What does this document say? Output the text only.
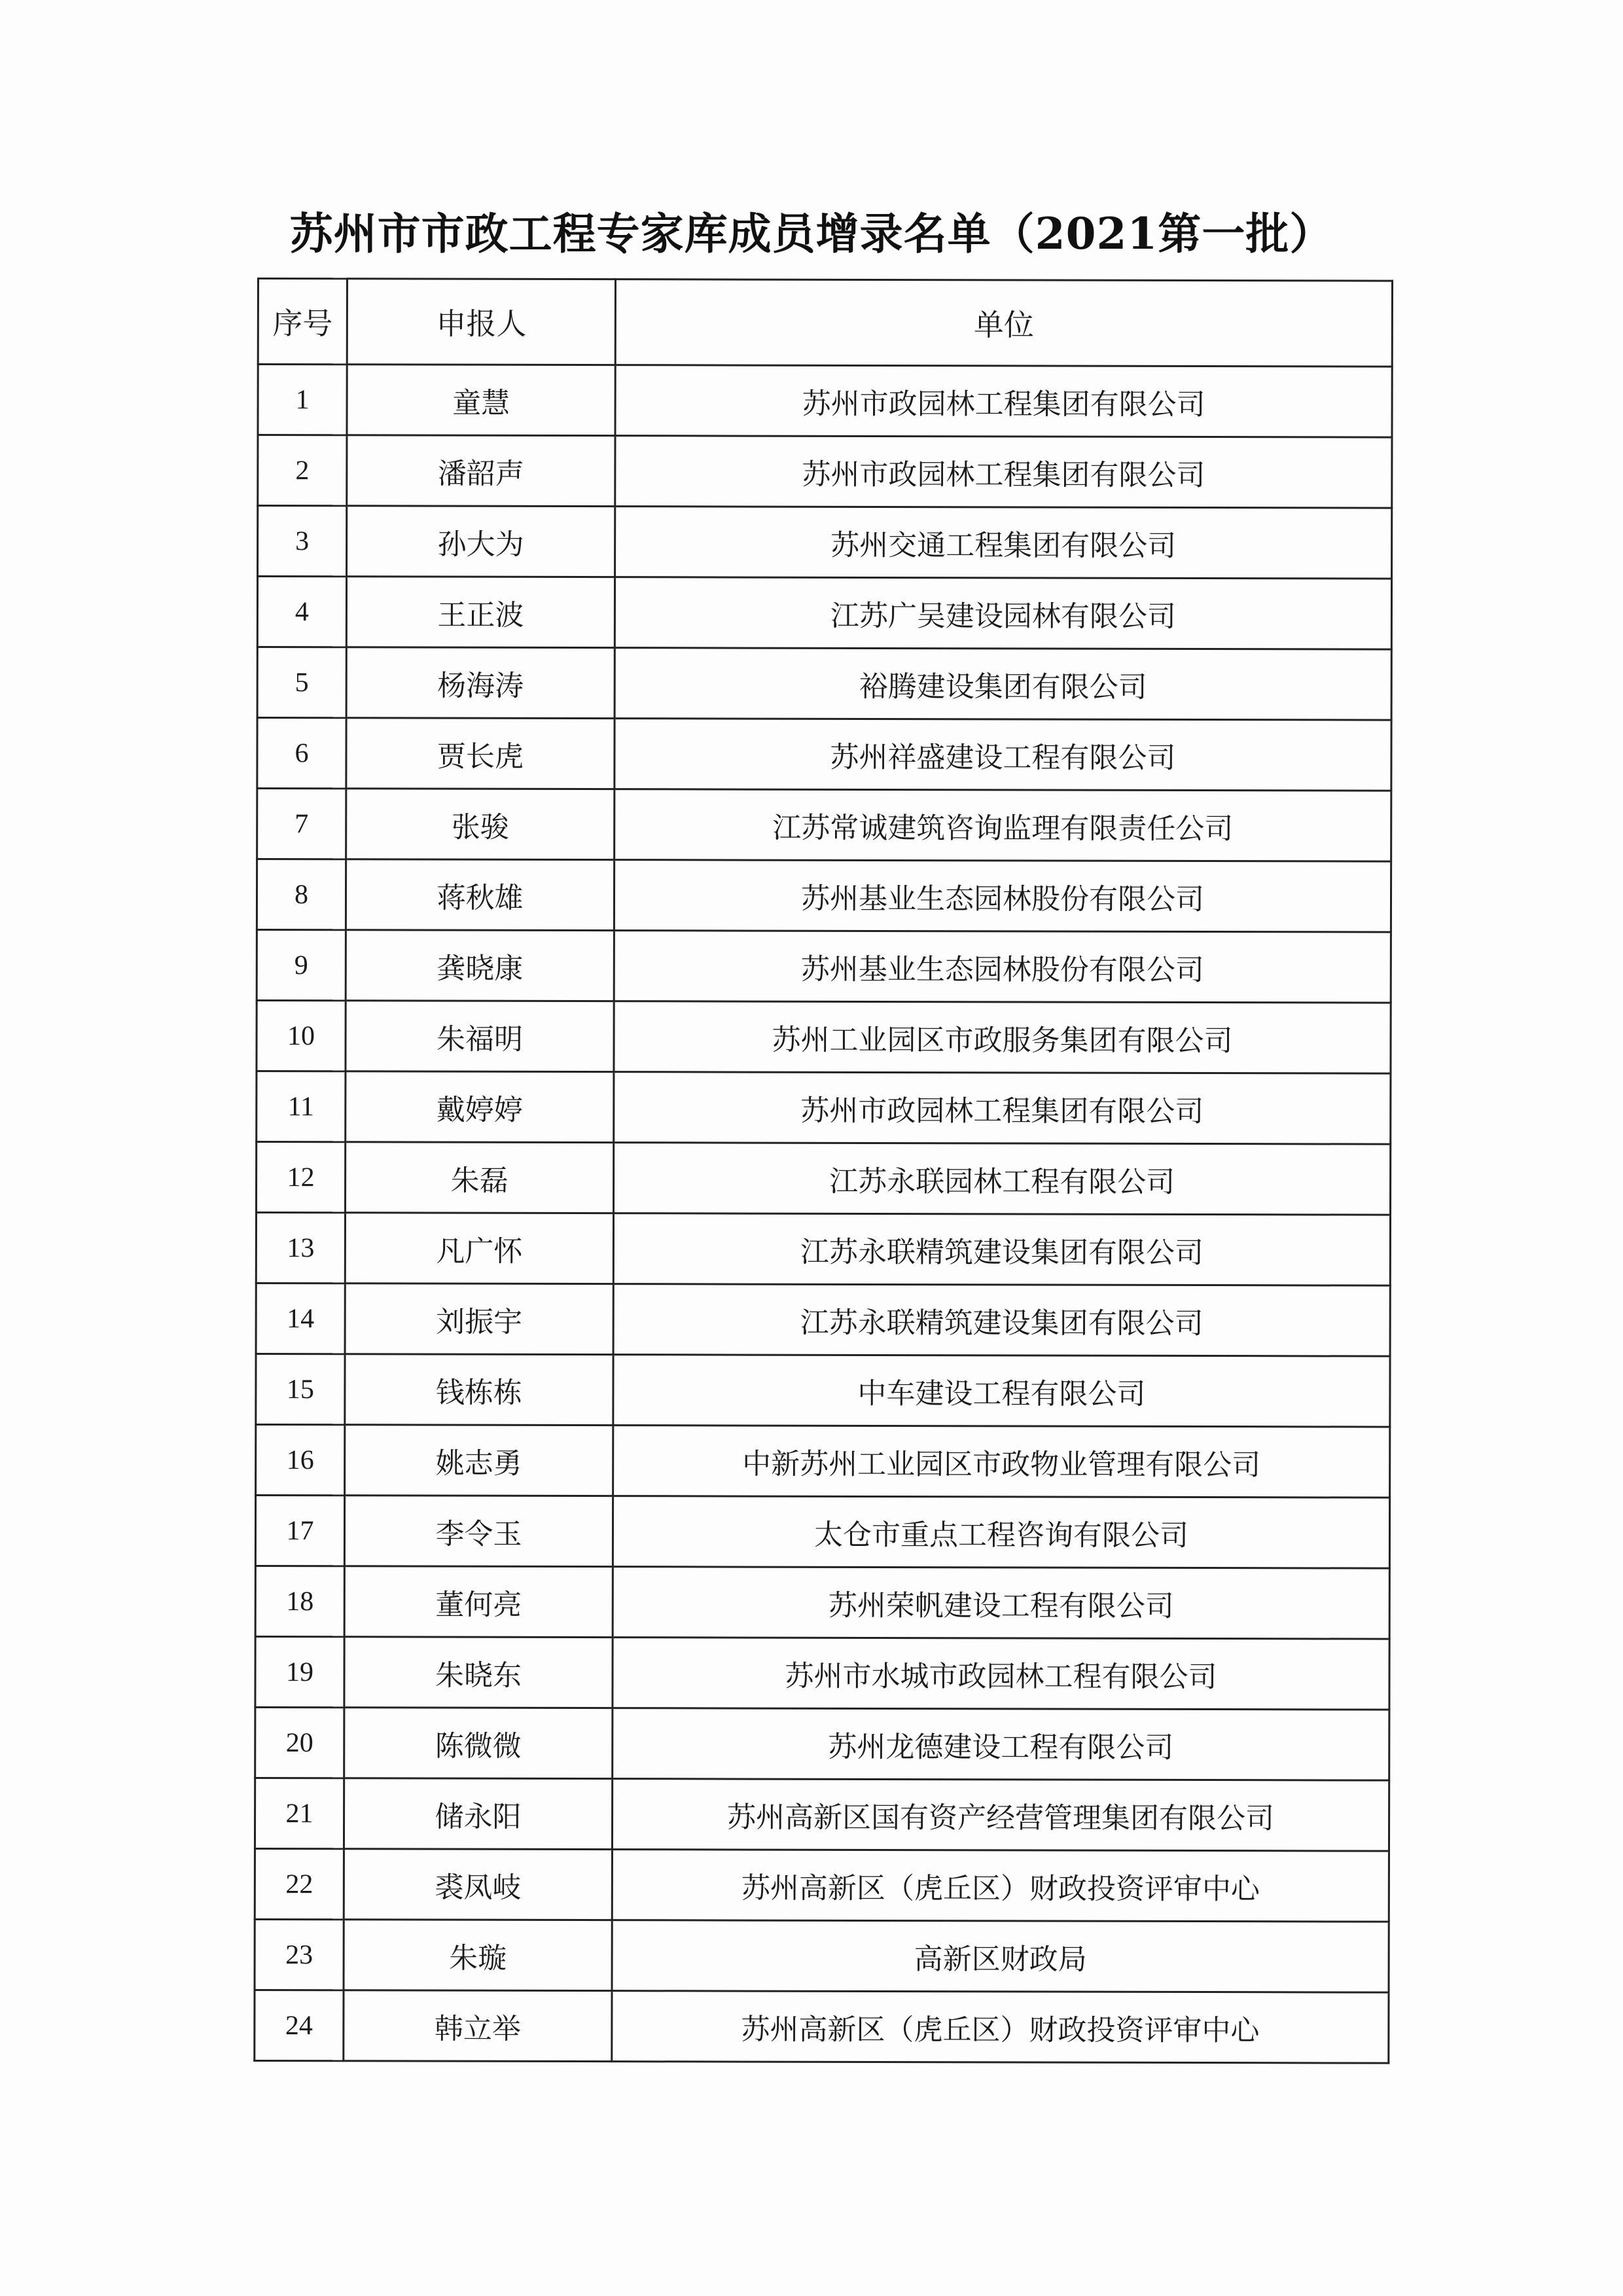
苏州市市政工程专家库成员增录名单（2021第一批）
序号	申报人	单位
1	童慧	苏州市政园林工程集团有限公司
2	潘韶声	苏州市政园林工程集团有限公司
3	孙大为	苏州交通工程集团有限公司
4	王正波	江苏广吴建设园林有限公司
5	杨海涛	裕腾建设集团有限公司
6	贾长虎	苏州祥盛建设工程有限公司
7	张骏	江苏常诚建筑咨询监理有限责任公司
8	蒋秋雄	苏州基业生态园林股份有限公司
9	龚晓康	苏州基业生态园林股份有限公司
10	朱福明	苏州工业园区市政服务集团有限公司
11	戴婷婷	苏州市政园林工程集团有限公司
12	朱磊	江苏永联园林工程有限公司
13	凡广怀	江苏永联精筑建设集团有限公司
14	刘振宇	江苏永联精筑建设集团有限公司
15	钱栋栋	中车建设工程有限公司
16	姚志勇	中新苏州工业园区市政物业管理有限公司
17	李令玉	太仓市重点工程咨询有限公司
18	董何亮	苏州荣帆建设工程有限公司
19	朱晓东	苏州市水城市政园林工程有限公司
20	陈微微	苏州龙德建设工程有限公司
21	储永阳	苏州高新区国有资产经营管理集团有限公司
22	裘凤岐	苏州高新区（虎丘区）财政投资评审中心
23	朱璇	高新区财政局
24	韩立举	苏州高新区（虎丘区）财政投资评审中心
